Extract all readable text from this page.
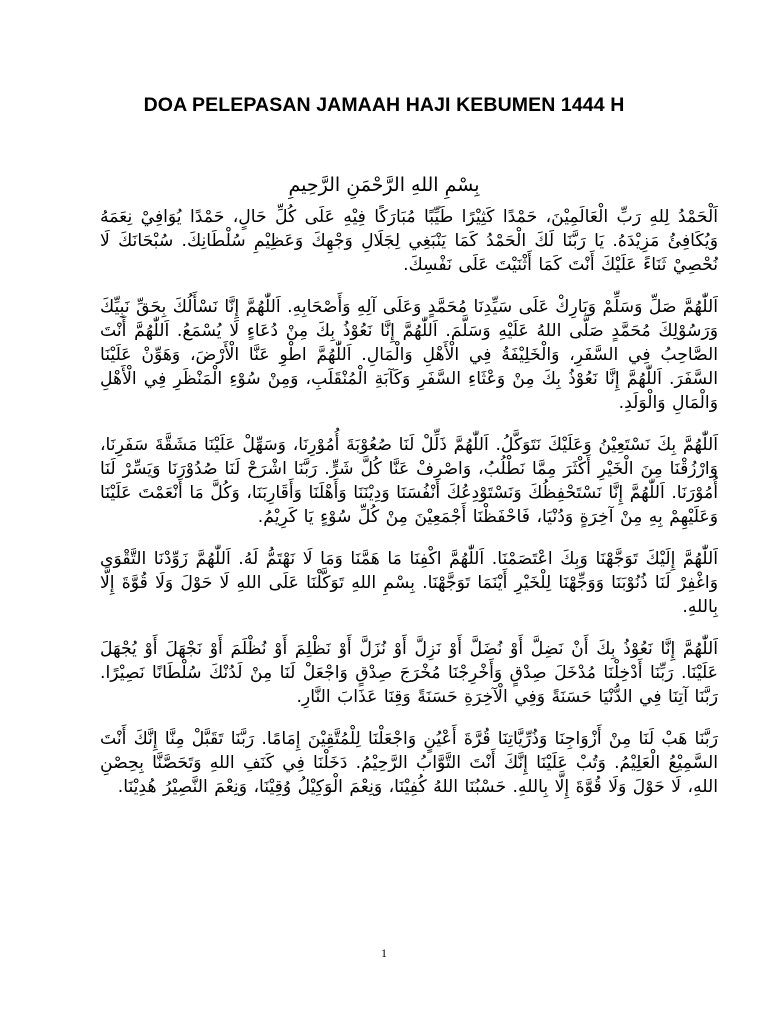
DOA PELEPASAN JAMAAH HAJI KEBUMEN 1444 H
بِسْمِ اللهِ الرَّحْمَنِ الرَّحِيمِ

اَلْحَمْدُ لِلهِ رَبِّ الْعَالَمِيْنَ، حَمْدًا كَثِيْرًا طَيِّبًا مُبَارَكًا فِيْهِ عَلَى كُلِّ حَالٍ، حَمْدًا يُوَافِيْ نِعَمَهُ وَيُكَافِئُ مَزِيْدَهُ. يَا رَبَّنَا لَكَ الْحَمْدُ كَمَا يَنْبَغِي لِجَلَالِ وَجْهِكَ وَعَظِيْمِ سُلْطَانِكَ. سُبْحَانَكَ لَا نُحْصِيْ ثَنَاءً عَلَيْكَ أَنْتَ كَمَا أَثْنَيْتَ عَلَى نَفْسِكَ.

اَللّٰهُمَّ صَلِّ وَسَلِّمْ وَبَارِكْ عَلَى سَيِّدِنَا مُحَمَّدٍ وَعَلَى آلِهِ وَأَصْحَابِهِ. اَللّٰهُمَّ إِنَّا نَسْأَلُكَ بِحَقِّ نَبِيِّكَ وَرَسُوْلِكَ مُحَمَّدٍ صَلَّى اللهُ عَلَيْهِ وَسَلَّمَ. اَللّٰهُمَّ إِنَّا نَعُوْذُ بِكَ مِنْ دُعَاءٍ لَا يُسْمَعُ. اَللّٰهُمَّ أَنْتَ الصَّاحِبُ فِي السَّفَرِ، وَالْخَلِيْفَةُ فِي الْأَهْلِ وَالْمَالِ. اَللّٰهُمَّ اطْوِ عَنَّا الْأَرْضَ، وَهَوِّنْ عَلَيْنَا السَّفَرَ. اَللّٰهُمَّ إِنَّا نَعُوْذُ بِكَ مِنْ وَعْثَاءِ السَّفَرِ وَكَآبَةِ الْمُنْقَلَبِ، وَمِنْ سُوْءِ الْمَنْظَرِ فِي الْأَهْلِ وَالْمَالِ وَالْوَلَدِ.

اَللّٰهُمَّ بِكَ نَسْتَعِيْنُ وَعَلَيْكَ نَتَوَكَّلُ. اَللّٰهُمَّ ذَلِّلْ لَنَا صُعُوْبَةَ أُمُوْرِنَا، وَسَهِّلْ عَلَيْنَا مَشَقَّةَ سَفَرِنَا، وَارْزُقْنَا مِنَ الْخَيْرِ أَكْثَرَ مِمَّا نَطْلُبُ، وَاصْرِفْ عَنَّا كُلَّ شَرٍّ. رَبَّنَا اشْرَحْ لَنَا صُدُوْرَنَا وَيَسِّرْ لَنَا أُمُوْرَنَا. اَللّٰهُمَّ إِنَّا نَسْتَحْفِظُكَ وَنَسْتَوْدِعُكَ أَنْفُسَنَا وَدِيْنَنَا وَأَهْلَنَا وَأَقَارِبَنَا، وَكُلَّ مَا أَنْعَمْتَ عَلَيْنَا وَعَلَيْهِمْ بِهِ مِنْ آخِرَةٍ وَدُنْيَا، فَاحْفَظْنَا أَجْمَعِيْنَ مِنْ كُلِّ سُوْءٍ يَا كَرِيْمُ.

اَللّٰهُمَّ إِلَيْكَ تَوَجَّهْنَا وَبِكَ اعْتَصَمْنَا. اَللّٰهُمَّ اكْفِنَا مَا هَمَّنَا وَمَا لَا نَهْتَمُّ لَهُ. اَللّٰهُمَّ زَوِّدْنَا التَّقْوَى وَاغْفِرْ لَنَا ذُنُوْبَنَا وَوَجِّهْنَا لِلْخَيْرِ أَيْنَمَا تَوَجَّهْنَا. بِسْمِ اللهِ تَوَكَّلْنَا عَلَى اللهِ لَا حَوْلَ وَلَا قُوَّةَ إِلَّا بِاللهِ.

اَللّٰهُمَّ إِنَّا نَعُوْذُ بِكَ أَنْ نَضِلَّ أَوْ نُضَلَّ أَوْ نَزِلَّ أَوْ نُزَلَّ أَوْ نَظْلِمَ أَوْ نُظْلَمَ أَوْ نَجْهَلَ أَوْ يُجْهَلَ عَلَيْنَا. رَبِّنَا أَدْخِلْنَا مُدْخَلَ صِدْقٍ وَأَخْرِجْنَا مُخْرَجَ صِدْقٍ وَاجْعَلْ لَنَا مِنْ لَدُنْكَ سُلْطَانًا نَصِيْرًا. رَبَّنَا آتِنَا فِي الدُّنْيَا حَسَنَةً وَفِي الْآخِرَةِ حَسَنَةً وَقِنَا عَذَابَ النَّارِ.

رَبَّنَا هَبْ لَنَا مِنْ أَزْوَاجِنَا وَذُرِّيَّاتِنَا قُرَّةَ أَعْيُنٍ وَاجْعَلْنَا لِلْمُتَّقِيْنَ إِمَامًا. رَبَّنَا تَقَبَّلْ مِنَّا إِنَّكَ أَنْتَ السَّمِيْعُ الْعَلِيْمُ. وَتُبْ عَلَيْنَا إِنَّكَ أَنْتَ التَّوَّابُ الرَّحِيْمُ. دَخَلْنَا فِي كَنَفِ اللهِ وَتَحَصَّنَّا بِحِصْنِ اللهِ، لَا حَوْلَ وَلَا قُوَّةَ إِلَّا بِاللهِ. حَسْبُنَا اللهُ كُفِيْنَا، وَنِعْمَ الْوَكِيْلُ وُقِيْنَا، وَنِعْمَ النَّصِيْرُ هُدِيْنَا.

1
